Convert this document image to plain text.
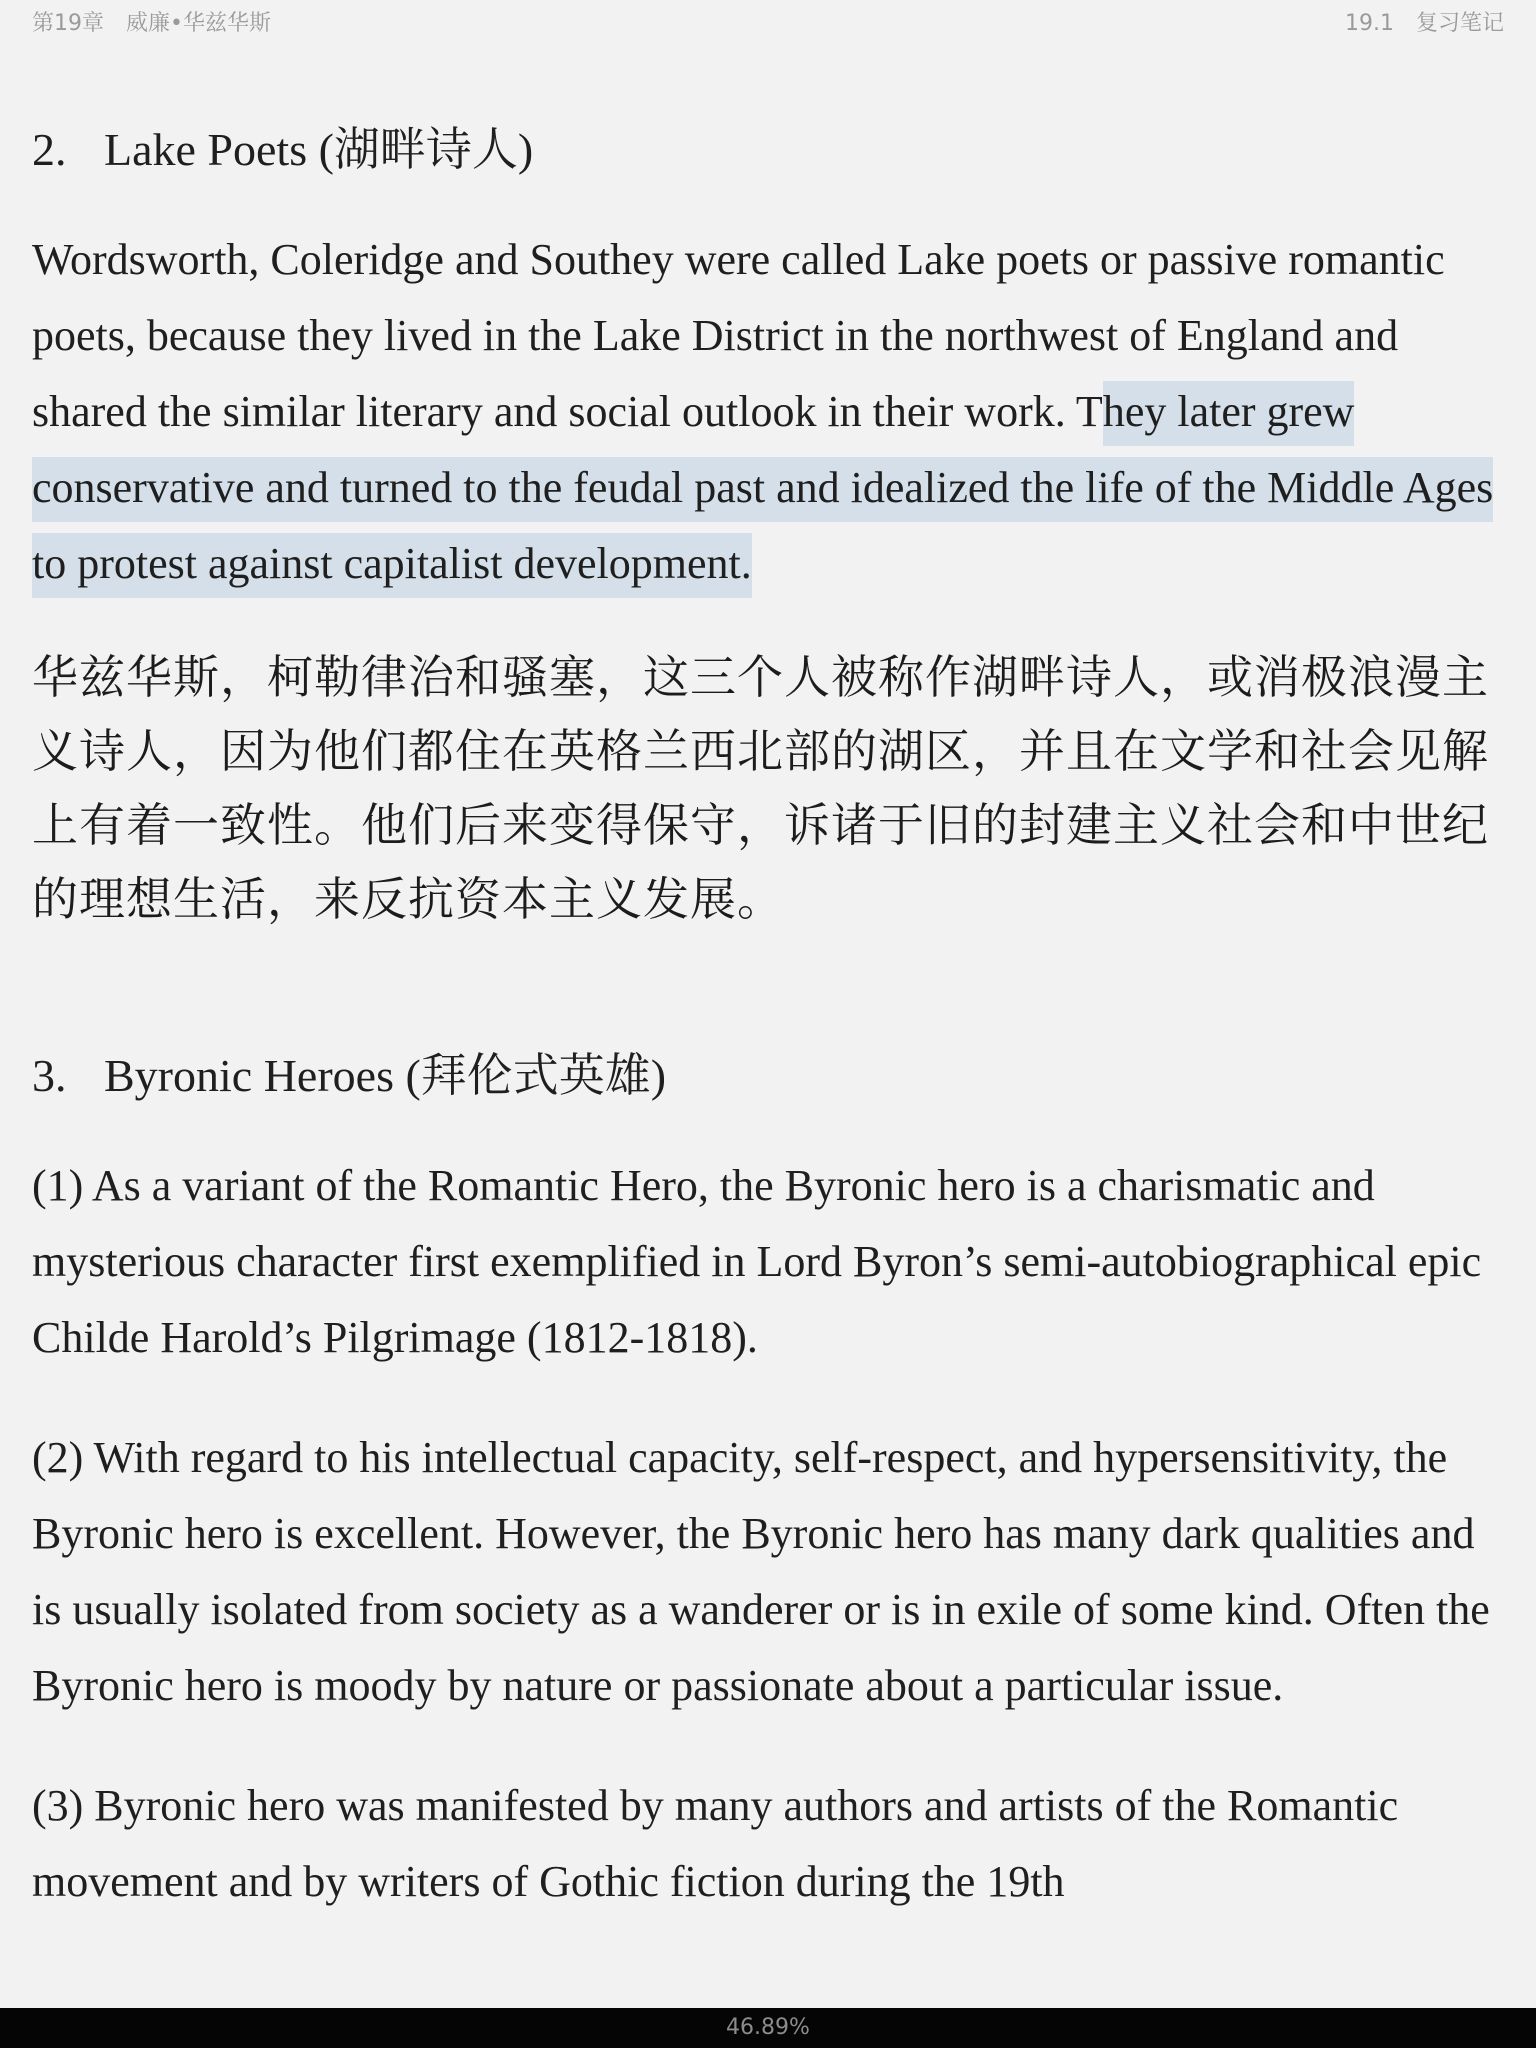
第19章 威廉•华兹华斯	19.1 复习笔记
2. Lake Poets (湖畔诗人)

Wordsworth, Coleridge and Southey were called Lake poets or passive romantic poets, because they lived in the Lake District in the northwest of England and shared the similar literary and social outlook in their work. They later grew conservative and turned to the feudal past and idealized the life of the Middle Ages to protest against capitalist development.

华兹华斯，柯勒律治和骚塞，这三个人被称作湖畔诗人，或消极浪漫主义诗人，因为他们都住在英格兰西北部的湖区，并且在文学和社会见解上有着一致性。他们后来变得保守，诉诸于旧的封建主义社会和中世纪的理想生活，来反抗资本主义发展。

3. Byronic Heroes (拜伦式英雄)

(1) As a variant of the Romantic Hero, the Byronic hero is a charismatic and mysterious character first exemplified in Lord Byron’s semi-autobiographical epic Childe Harold’s Pilgrimage (1812-1818).

(2) With regard to his intellectual capacity, self-respect, and hypersensitivity, the Byronic hero is excellent. However, the Byronic hero has many dark qualities and is usually isolated from society as a wanderer or is in exile of some kind. Often the Byronic hero is moody by nature or passionate about a particular issue.

(3) Byronic hero was manifested by many authors and artists of the Romantic movement and by writers of Gothic fiction during the 19th

46.89%
